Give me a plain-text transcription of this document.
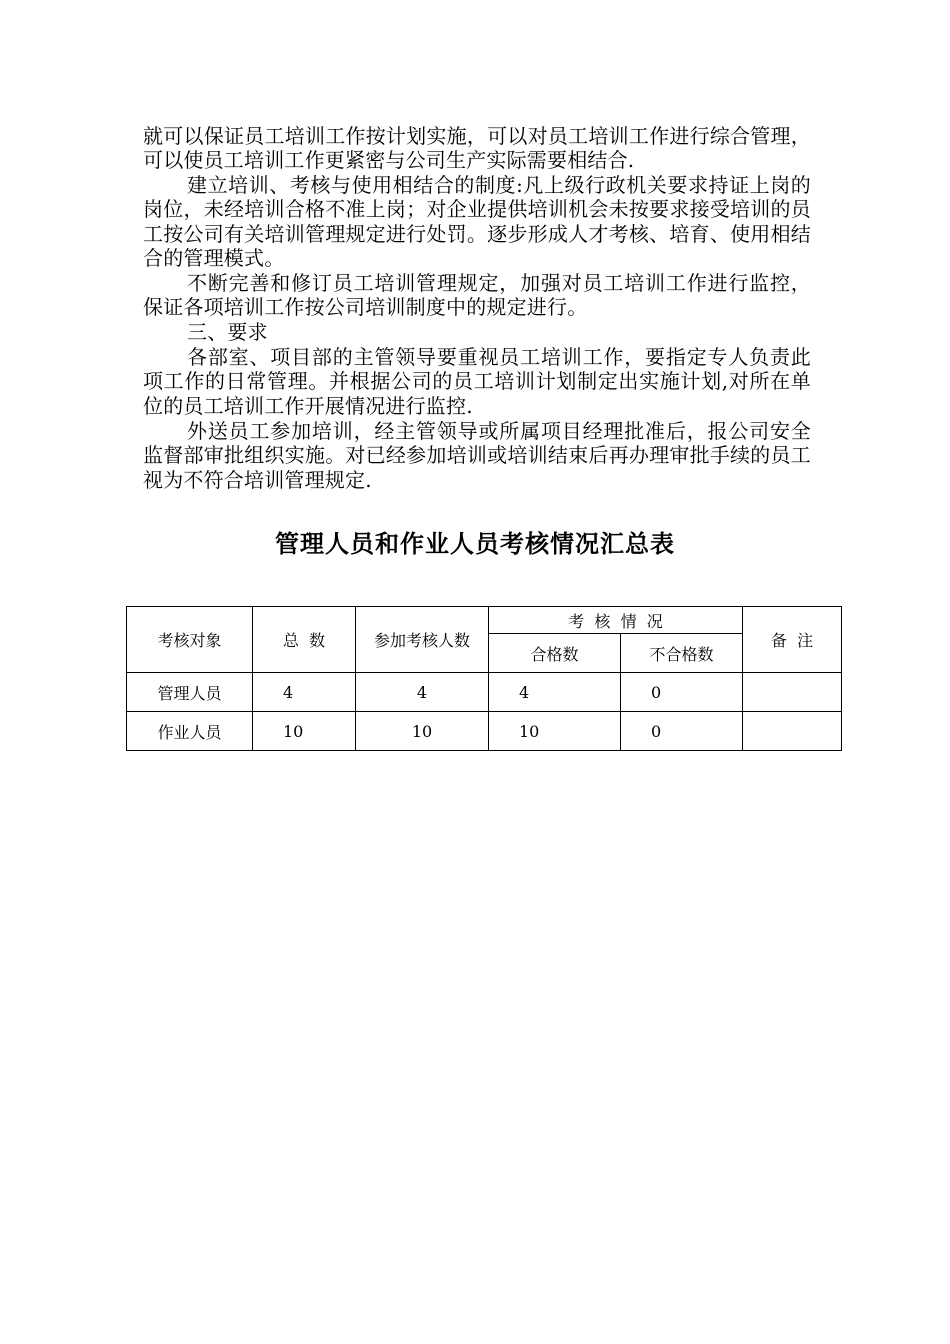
就可以保证员工培训工作按计划实施，可以对员工培训工作进行综合管理，可以使员工培训工作更紧密与公司生产实际需要相结合.

建立培训、考核与使用相结合的制度:凡上级行政机关要求持证上岗的岗位，未经培训合格不准上岗；对企业提供培训机会未按要求接受培训的员工按公司有关培训管理规定进行处罚。逐步形成人才考核、培育、使用相结合的管理模式。

不断完善和修订员工培训管理规定，加强对员工培训工作进行监控，保证各项培训工作按公司培训制度中的规定进行。

三、要求

各部室、项目部的主管领导要重视员工培训工作，要指定专人负责此项工作的日常管理。并根据公司的员工培训计划制定出实施计划,对所在单位的员工培训工作开展情况进行监控.

外送员工参加培训，经主管领导或所属项目经理批准后，报公司安全监督部审批组织实施。对已经参加培训或培训结束后再办理审批手续的员工视为不符合培训管理规定.

管理人员和作业人员考核情况汇总表
考核对象	总  数	参加考核人数	考  核  情  况		备  注
			合格数	不合格数	
管理人员	4	4	4	0	
作业人员	10	10	10	0	
